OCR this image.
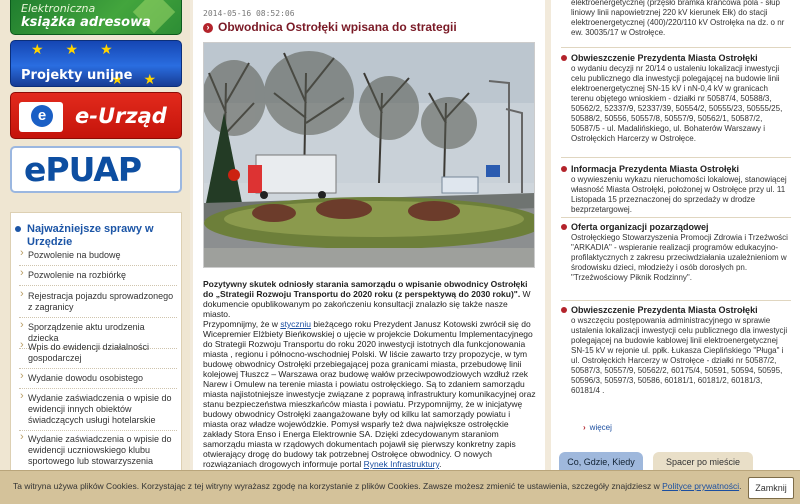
Elektroniczna
książka adresowa
★★★
★★
Projekty unijne
e	e-Urząd
ePUAP
Najważniejsze sprawy w Urzędzie
› Pozwolenie na budowę
› Pozwolenie na rozbiórkę
› Rejestracja pojazdu sprowadzonego z zagranicy
› Sporządzenie aktu urodzenia dziecka
› Wpis do ewidencji działalności gospodarczej
› Wydanie dowodu osobistego
› Wydanie zaświadczenia o wpisie do ewidencji innych obiektów świadczących usługi hotelarskie
› Wydanie zaświadczenia o wpisie do ewidencji uczniowskiego klubu sportowego lub stowarzyszenia
2014-05-16 08:52:06
› Obwodnica Ostrołęki wpisana do strategii

Pozytywny skutek odniosły starania samorządu o wpisanie obwodnicy Ostrołęki do „Strategii Rozwoju Transportu do 2020 roku (z perspektywą do 2030 roku)". W dokumencie opublikowanym po zakończeniu konsultacji znalazło się także nasze miasto.

Przypomnijmy, że w styczniu bieżącego roku Prezydent Janusz Kotowski zwrócił się do Wicepremier Elżbiety Bieńkowskiej o ujęcie w projekcie Dokumentu Implementacyjnego do Strategii Rozwoju Transportu do roku 2020 inwestycji istotnych dla funkcjonowania miasta , regionu i północno-wschodniej Polski. W liście zawarto trzy propozycje, w tym budowę obwodnicy Ostrołęki przebiegającej poza granicami miasta, przebudowę linii kolejowej Tłuszcz – Warszawa oraz budowę wałów przeciwpowodziowych wzdłuż rzek Narew i Omulew na terenie miasta i powiatu ostrołęckiego. Są to zdaniem samorządu miasta najistotniejsze inwestycje związane z poprawą infrastruktury komunikacyjnej oraz stanu bezpieczeństwa mieszkańców miasta i powiatu. Przypomnijmy, że w inicjatywę budowy obwodnicy Ostrołęki zaangażowane były od kilku lat samorządy powiatu i miasta oraz władze wojewódzkie. Pomysł wsparły też dwa największe ostrołęckie zakłady Stora Enso i Energa Elektrownie SA. Dzięki zdecydowanym staraniom samorządu miasta w rządowych dokumentach pojawił się pierwszy konkretny zapis otwierający drogę do budowy tak potrzebnej Ostrołęce obwodnicy. O nowych rozwiązaniach drogowych informuje portal Rynek Infrastruktury.

elektroenergetycznej (przęsło bramka krańcowa pola - słup liniowy linii napowietrznej 220 kV kierunek Ełk) do stacji elektroenergetycznej (400)/220/110 kV Ostrołęka na dz. o nr ew. 30035/17 w Ostrołęce.
Obwieszczenie Prezydenta Miasta Ostrołęki
o wydaniu decyzji nr 20/14 o ustaleniu lokalizacji inwestycji celu publicznego dla inwestycji polegającej na budowie linii elektroenergetycznej SN-15 kV i nN-0,4 kV w granicach terenu objętego wnioskiem - działki nr 50587/4, 50588/3, 50562/2, 52337/9, 52337/39, 50554/2, 50555/23, 50555/25, 50588/2, 50556, 50557/8, 50557/9, 50562/1, 50587/2, 50587/5 - ul. Madalińskiego, ul. Bohaterów Warszawy i Ostrołęckich Harcerzy w Ostrołęce.
Informacja Prezydenta Miasta Ostrołęki
o wywieszeniu wykazu nieruchomości lokalowej, stanowiącej własność Miasta Ostrołęki, położonej w Ostrołęce przy ul. 11 Listopada 15 przeznaczonej do sprzedaży w drodze bezprzetargowej.
Oferta organizacji pozarządowej
Ostrołęckiego Stowarzyszenia Promocji Zdrowia i Trzeźwości "ARKADIA" - wspieranie realizacji programów edukacyjno-profilaktycznych z zakresu przeciwdziałania uzależnieniom w środowisku dzieci, młodzieży i osób dorosłych pn. "Trzeźwościowy Piknik Rodzinny".
Obwieszczenie Prezydenta Miasta Ostrołęki
o wszczęciu postępowania administracyjnego w sprawie ustalenia lokalizacji inwestycji celu publicznego dla inwestycji polegającej na budowie kablowej linii elektroenergetycznej SN-15 kV w rejonie ul. ppłk. Łukasza Cieplińskiego "Pługa" i ul. Ostrołęckich Harcerzy w Ostrołęce - działki nr 50587/2, 50587/3, 50557/9, 50562/2, 60175/4, 50591, 50594, 50595, 50596/3, 50597/3, 50586, 60181/1, 60181/2, 60181/3, 60181/4 .
› więcej
Co, Gdzie, Kiedy	Spacer po mieście
Ta witryna używa plików Cookies. Korzystając z tej witryny wyrażasz zgodę na korzystanie z plików Cookies. Zawsze możesz zmienić te ustawienia, szczegóły znajdziesz w Polityce prywatności.	Zamknij
